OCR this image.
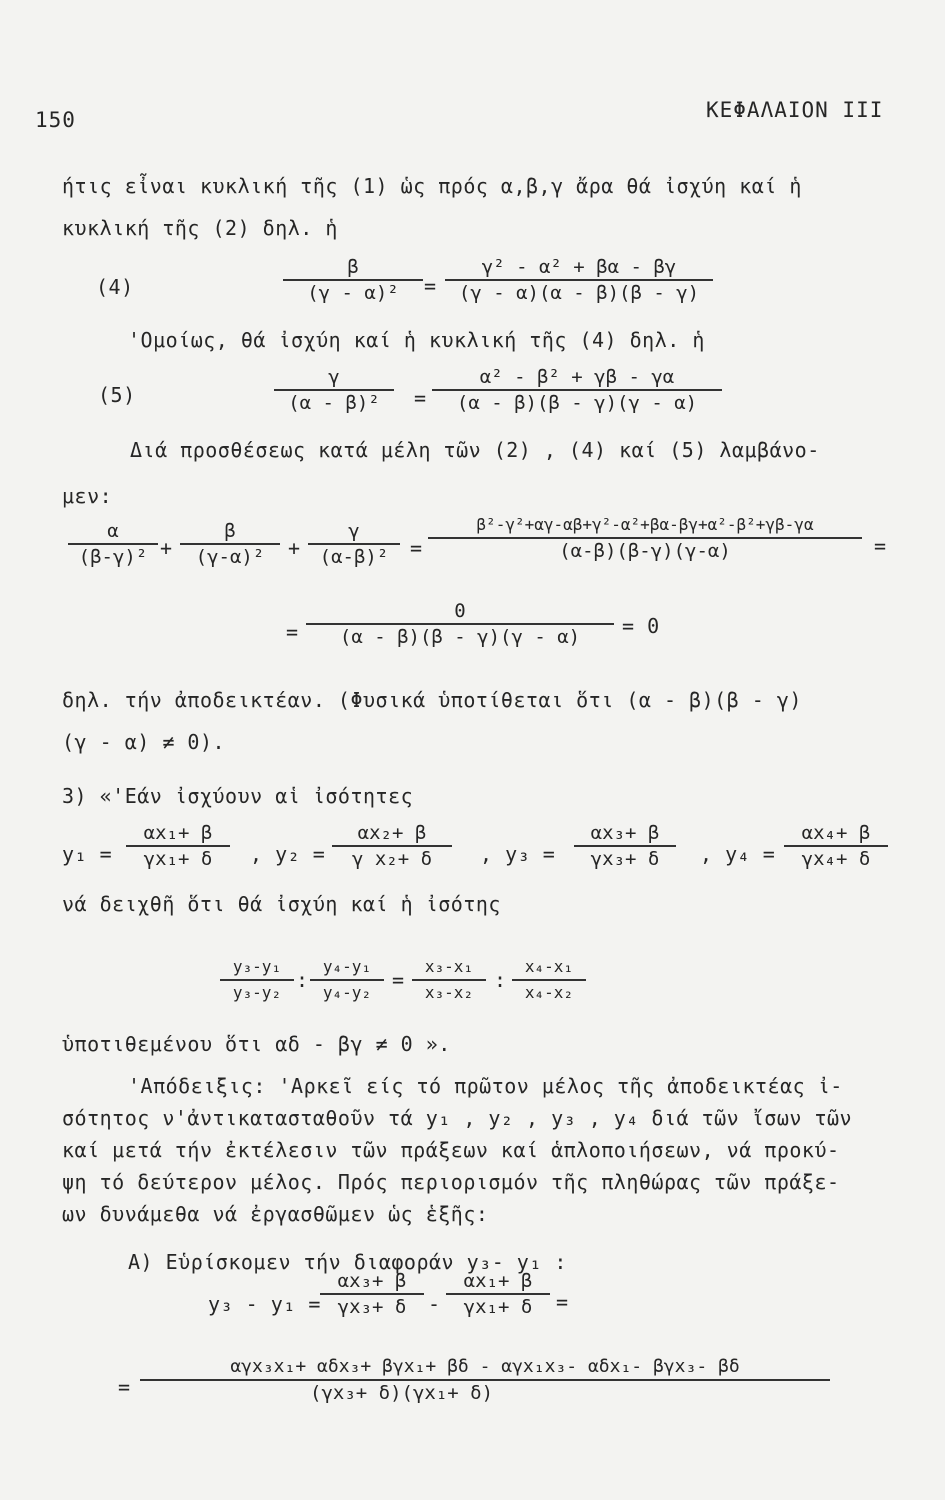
150	ΚΕΦΑΛΑΙΟΝ ΙΙΙ
ήτις εἶναι κυκλική τῆς (1) ὡς πρός α,β,γ ἄρα θά ἰσχύη καί ἡ
κυκλική τῆς (2) δηλ. ἡ
(4)
β
(γ - α)²	=
γ² - α² + βα - βγ
(γ - α)(α - β)(β - γ)
'Ομοίως, θά ἰσχύη καί ἡ κυκλική τῆς (4) δηλ. ἡ
(5)
γ
(α - β)²	=
α² - β² + γβ - γα
(α - β)(β - γ)(γ - α)
Διά προσθέσεως κατά μέλη τῶν (2) , (4) καί (5) λαμβάνο-
μεν:
α
(β-γ)² +
β
(γ-α)²	+
γ
(α-β)²	=
β²-γ²+αγ-αβ+γ²-α²+βα-βγ+α²-β²+γβ-γα
(α-β)(β-γ)(γ-α)	=
=
0
(α - β)(β - γ)(γ - α)	= 0
δηλ. τήν ἀποδεικτέαν. (Φυσικά ὑποτίθεται ὅτι (α - β)(β - γ)
(γ - α) ≠ 0).
3) «'Εάν ἰσχύουν αἱ ἰσότητες
y₁ =
αx₁+ β
γx₁+ δ	, y₂ =
αx₂+ β
γ x₂+ δ	, y₃ =
αx₃+ β
γx₃+ δ	, y₄ =
αx₄+ β
γx₄+ δ
νά δειχθῆ ὅτι θά ἰσχύη καί ἡ ἰσότης
y₃-y₁
y₃-y₂
:
y₄-y₁
y₄-y₂
=
x₃-x₁
x₃-x₂
:
x₄-x₁
x₄-x₂
ὑποτιθεμένου ὅτι αδ - βγ ≠ 0 ».
'Απόδειξις: 'Αρκεῖ είς τό πρῶτον μέλος τῆς ἀποδεικτέας ἰ-
σότητος ν'ἀντικατασταθοῦν τά y₁ , y₂ , y₃ , y₄ διά τῶν ἴσων τῶν
καί μετά τήν ἐκτέλεσιν τῶν πράξεων καί ἁπλοποιήσεων, νά προκύ-
ψη τό δεύτερον μέλος. Πρός περιορισμόν τῆς πληθώρας τῶν πράξε-
ων δυνάμεθα νά ἐργασθῶμεν ὡς ἑξῆς:
A) Εὑρίσκομεν τήν διαφοράν y₃- y₁ :
y₃ - y₁ =
αx₃+ β
γx₃+ δ	-
αx₁+ β
γx₁+ δ	=
=
αγx₃x₁+ αδx₃+ βγx₁+ βδ - αγx₁x₃- αδx₁- βγx₃- βδ
(γx₃+ δ)(γx₁+ δ)
